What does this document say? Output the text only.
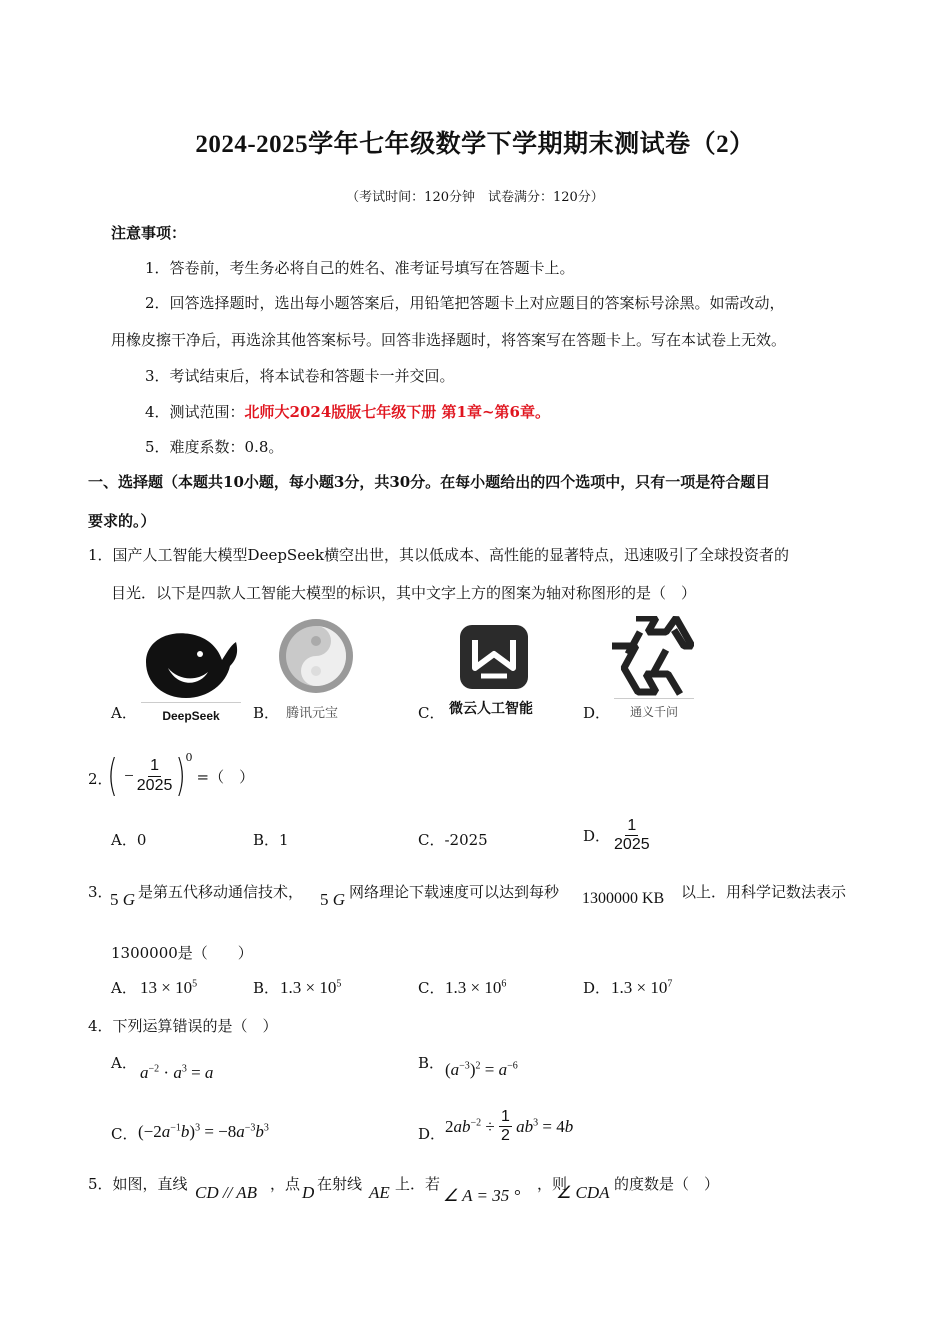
2024-2025学年七年级数学下学期期末测试卷（2）
（考试时间：120分钟　试卷满分：120分）
注意事项：
1．答卷前，考生务必将自己的姓名、准考证号填写在答题卡上。
2．回答选择题时，选出每小题答案后，用铅笔把答题卡上对应题目的答案标号涂黑。如需改动，
用橡皮擦干净后，再选涂其他答案标号。回答非选择题时，将答案写在答题卡上。写在本试卷上无效。
3．考试结束后，将本试卷和答题卡一并交回。
4．测试范围：北师大2024版版七年级下册 第1章~第6章。
5．难度系数：0.8。
一、选择题（本题共10小题，每小题3分，共30分。在每小题给出的四个选项中，只有一项是符合题目
要求的。）
1．国产人工智能大模型DeepSeek横空出世，其以低成本、高性能的显著特点，迅速吸引了全球投资者的
目光．以下是四款人工智能大模型的标识，其中文字上方的图案为轴对称图形的是（　）
A．	DeepSeek	B． 腾讯元宝	C． 微云人工智能	D．	通义千问
2．
( − $\frac{1}{2025}$ ) 0
=（　）
A．0	B．1	C．-2025	D． $\frac{1}{2025}$
3．
5 G 是第五代移动通信技术， 5 G 网络理论下载速度可以达到每秒 1300000 KB 以上．用科学记数法表示
1300000是（　　）
A． $13 \times 10^5$	B． $1.3 \times 10^5$	C． $1.3 \times 10^6$	D． $1.3 \times 10^7$
4．下列运算错误的是（　）
A． $a^{-2} \cdot a^3 = a$	B． $(a^{-3})^2 = a^{-6}$
C． $(-2a^{-1}b)^3 = -8a^{-3}b^3$	D． $2ab^{-2} \div \frac{1}{2} ab^3 = 4b$
5．如图，直线 CD // AB ，点 D 在射线 AE 上．若
∠ A = 35 °
，则
∠ CDA 的度数是（　）
